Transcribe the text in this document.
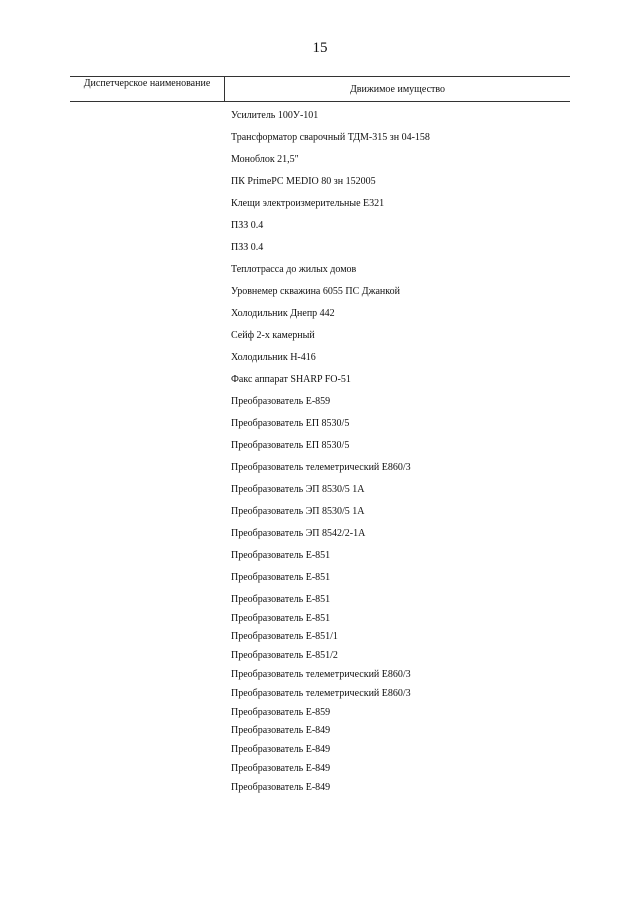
15
Диспетчерское наименование
Движимое имущество
Усилитель 100У-101
Трансформатор сварочный ТДМ-315 зн 04-158
Моноблок 21,5"
ПК PrimePC MEDIO 80 зн 152005
Клещи электроизмерительные Е321
ПЗЗ 0.4
ПЗЗ 0.4
Теплотрасса до жилых домов
Уровнемер скважина 6055 ПС Джанкой
Холодильник Днепр 442
Сейф 2-х камерный
Холодильник Н-416
Факс аппарат SHARP FO-51
Преобразователь Е-859
Преобразователь ЕП 8530/5
Преобразователь ЕП 8530/5
Преобразователь телеметрический Е860/3
Преобразователь ЭП 8530/5 1А
Преобразователь ЭП 8530/5 1А
Преобразователь ЭП 8542/2-1А
Преобразователь Е-851
Преобразователь Е-851
Преобразователь Е-851
Преобразователь Е-851
Преобразователь Е-851/1
Преобразователь Е-851/2
Преобразователь телеметрический Е860/3
Преобразователь телеметрический Е860/3
Преобразователь Е-859
Преобразователь Е-849
Преобразователь Е-849
Преобразователь Е-849
Преобразователь Е-849
